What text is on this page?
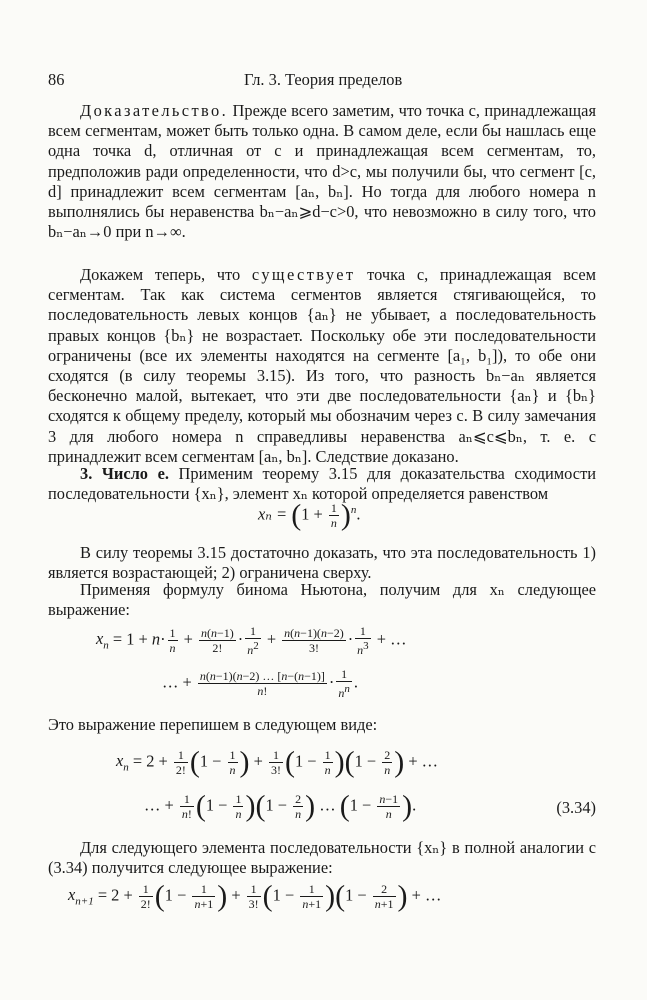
86	Гл. 3. Теория пределов

Доказательство. Прежде всего заметим, что точка c, принадлежащая всем сегментам, может быть только одна. В самом деле, если бы нашлась еще одна точка d, отличная от c и принадлежащая всем сегментам, то, предположив ради определенности, что d>c, мы получили бы, что сегмент [c, d] принадлежит всем сегментам [aₙ, bₙ]. Но тогда для любого номера n выполнялись бы неравенства bₙ−aₙ⩾d−c>0, что невозможно в силу того, что bₙ−aₙ→0 при n→∞.

Докажем теперь, что существует точка c, принадлежащая всем сегментам. Так как система сегментов является стягивающейся, то последовательность левых концов {aₙ} не убывает, а последовательность правых концов {bₙ} не возрастает. Поскольку обе эти последовательности ограничены (все их элементы находятся на сегменте [a₁, b₁]), то обе они сходятся (в силу теоремы 3.15). Из того, что разность bₙ−aₙ является бесконечно малой, вытекает, что эти две последовательности {aₙ} и {bₙ} сходятся к общему пределу, который мы обозначим через c. В силу замечания 3 для любого номера n справедливы неравенства aₙ⩽c⩽bₙ, т. е. c принадлежит всем сегментам [aₙ, bₙ]. Следствие доказано.

3. Число e. Применим теорему 3.15 для доказательства сходимости последовательности {xₙ}, элемент xₙ которой определяется равенством

$x_n = (1 + \frac{1}{n} )^n$.

В силу теоремы 3.15 достаточно доказать, что эта последовательность 1) является возрастающей; 2) ограничена сверху.

Применяя формулу бинома Ньютона, получим для xₙ следующее выражение:

$x_n = 1 + n\cdot \frac{1}{n} + \frac{n(n-1)}{2!} \cdot \frac{1}{n^2} + \frac{n(n-1)(n-2)}{3!} \cdot \frac{1}{n^3}$ + …
… + $\frac{n(n-1)(n-2) \dots [n-(n-1)]}{n!} \cdot \frac{1}{n^n}$ .

Это выражение перепишем в следующем виде:

$x_n = 2 + \frac{1}{2!} (1 - \frac{1}{n}$ ) + $\frac{1}{3!} (1 - \frac{1}{n} )(1 - \frac{2}{n}$ ) + …
… + $\frac{1}{n!} (1 - \frac{1}{n} )(1 - \frac{2}{n}$ ) … ($1 - \frac{n-1}{n}$ ).	(3.34)

Для следующего элемента последовательности {xₙ} в полной аналогии с (3.34) получится следующее выражение:

$x_{n+1} = 2 + \frac{1}{2!} (1 - \frac{1}{n+1}$ ) + $\frac{1}{3!} (1 - \frac{1}{n+1} )(1 - \frac{2}{n+1}$ ) + …
